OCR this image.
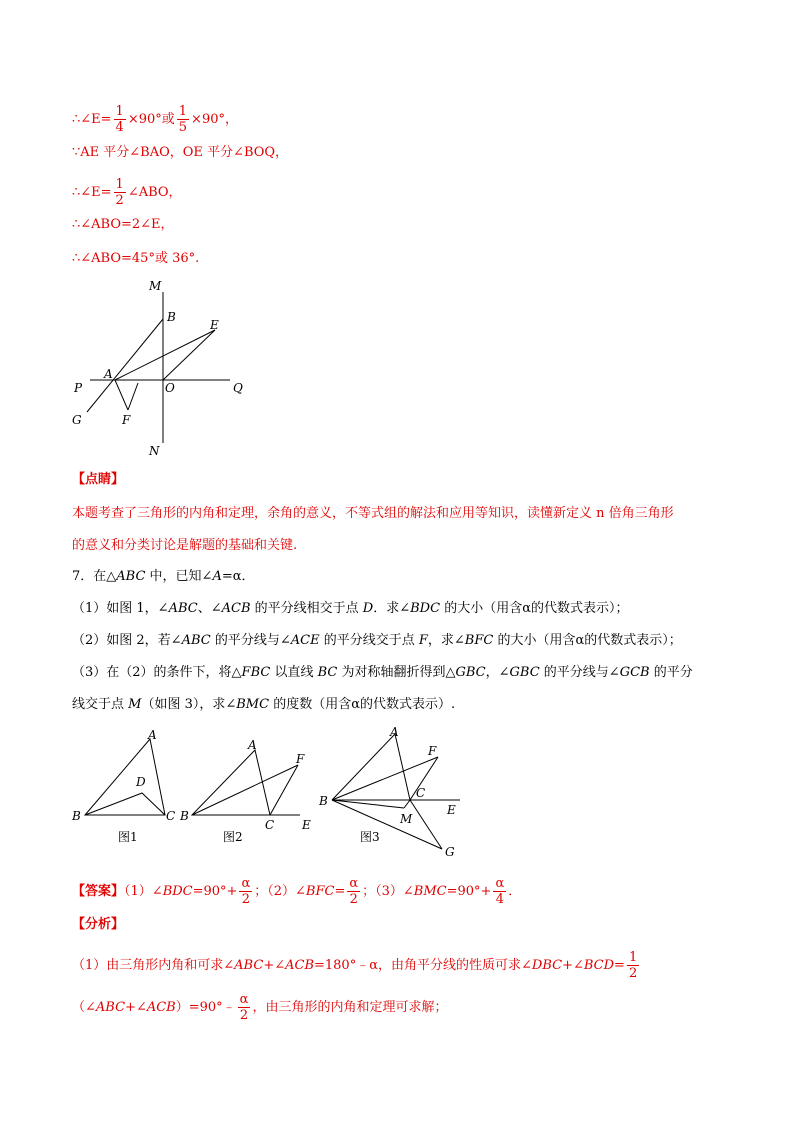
∴∠E= $\frac{1}{4} \times 90^\circ$或 $\frac{1}{5} \times 90^\circ$，
∵AE 平分∠BAO，OE 平分∠BOQ，
∴∠E= $\frac{1}{2}$ ∠ABO，
∴∠ABO=2∠E，
∴∠ABO=45°或 36°.
M
B
E
P
A
O	Q
G	F
N
【点睛】
本题考查了三角形的内角和定理，余角的意义，不等式组的解法和应用等知识，读懂新定义 n 倍角三角形
的意义和分类讨论是解题的基础和关键.
7．在△ABC 中，已知∠A=α．
（1）如图 1，∠ABC、∠ACB 的平分线相交于点 D．求∠BDC 的大小（用含α的代数式表示）；
（2）如图 2，若∠ABC 的平分线与∠ACE 的平分线交于点 F，求∠BFC 的大小（用含α的代数式表示）；
（3）在（2）的条件下，将△FBC 以直线 BC 为对称轴翻折得到△GBC，∠GBC 的平分线与∠GCB 的平分
线交于点 M（如图 3），求∠BMC 的度数（用含α的代数式表示）.
A
D
B	C
图1
A
F
B
C E
图2
A
F
B
C
E
M
G
图3
【答案】（1）∠BDC=90°+ $\frac{\alpha}{2}$ ；（2）∠BFC= $\frac{\alpha}{2}$ ；（3）∠BMC=90°+ $\frac{\alpha}{4}$ ．
【分析】
（1）由三角形内角和可求∠ABC+∠ACB=180°﹣α，由角平分线的性质可求∠DBC+∠BCD= $\frac{1}{2}$
（∠ABC+∠ACB）=90°﹣ $\frac{\alpha}{2}$ ，由三角形的内角和定理可求解；
